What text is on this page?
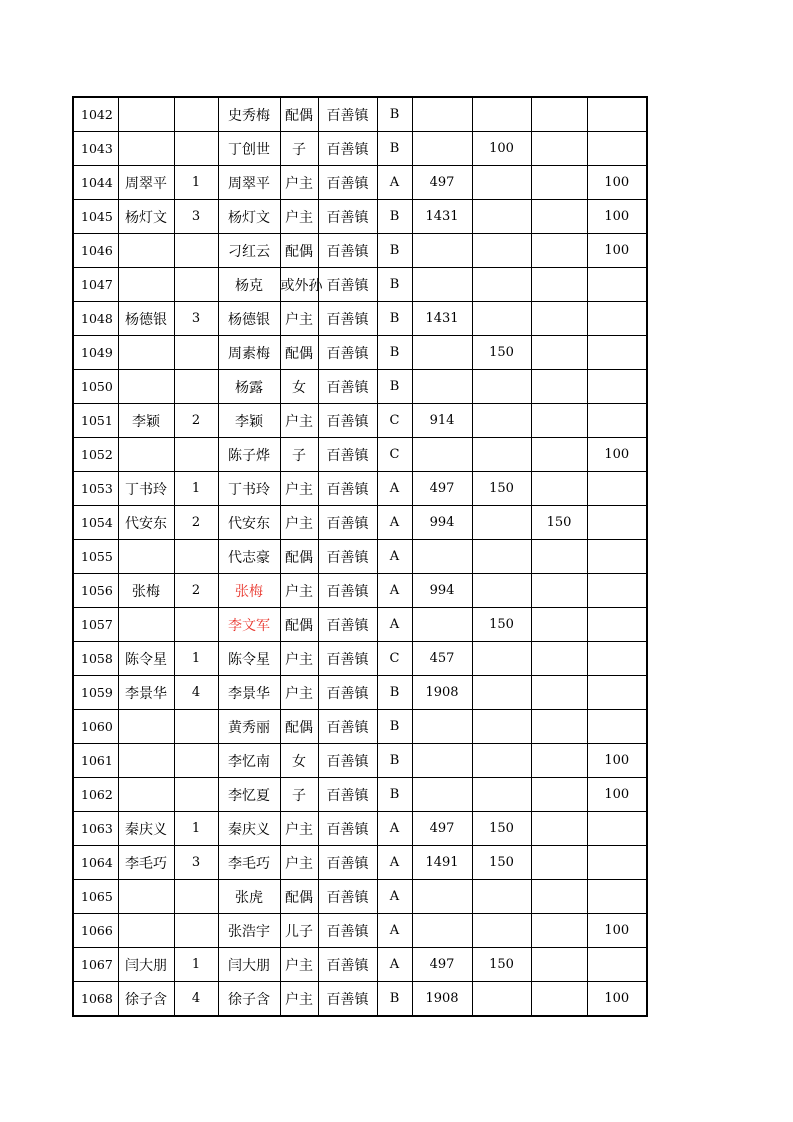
1042			史秀梅	配偶	百善镇	B				
1043			丁创世	子	百善镇	B		100		
1044	周翠平	1	周翠平	户主	百善镇	A	497			100
1045	杨灯文	3	杨灯文	户主	百善镇	B	1431			100
1046			刁红云	配偶	百善镇	B				100
1047			杨克	或外孙	百善镇	B				
1048	杨德银	3	杨德银	户主	百善镇	B	1431			
1049			周素梅	配偶	百善镇	B		150		
1050			杨露	女	百善镇	B				
1051	李颖	2	李颖	户主	百善镇	C	914			
1052			陈子烨	子	百善镇	C				100
1053	丁书玲	1	丁书玲	户主	百善镇	A	497	150		
1054	代安东	2	代安东	户主	百善镇	A	994		150	
1055			代志豪	配偶	百善镇	A				
1056	张梅	2	张梅	户主	百善镇	A	994			
1057			李文军	配偶	百善镇	A		150		
1058	陈令星	1	陈令星	户主	百善镇	C	457			
1059	李景华	4	李景华	户主	百善镇	B	1908			
1060			黄秀丽	配偶	百善镇	B				
1061			李忆南	女	百善镇	B				100
1062			李忆夏	子	百善镇	B				100
1063	秦庆义	1	秦庆义	户主	百善镇	A	497	150		
1064	李毛巧	3	李毛巧	户主	百善镇	A	1491	150		
1065			张虎	配偶	百善镇	A				
1066			张浩宇	儿子	百善镇	A				100
1067	闫大朋	1	闫大朋	户主	百善镇	A	497	150		
1068	徐子含	4	徐子含	户主	百善镇	B	1908			100
